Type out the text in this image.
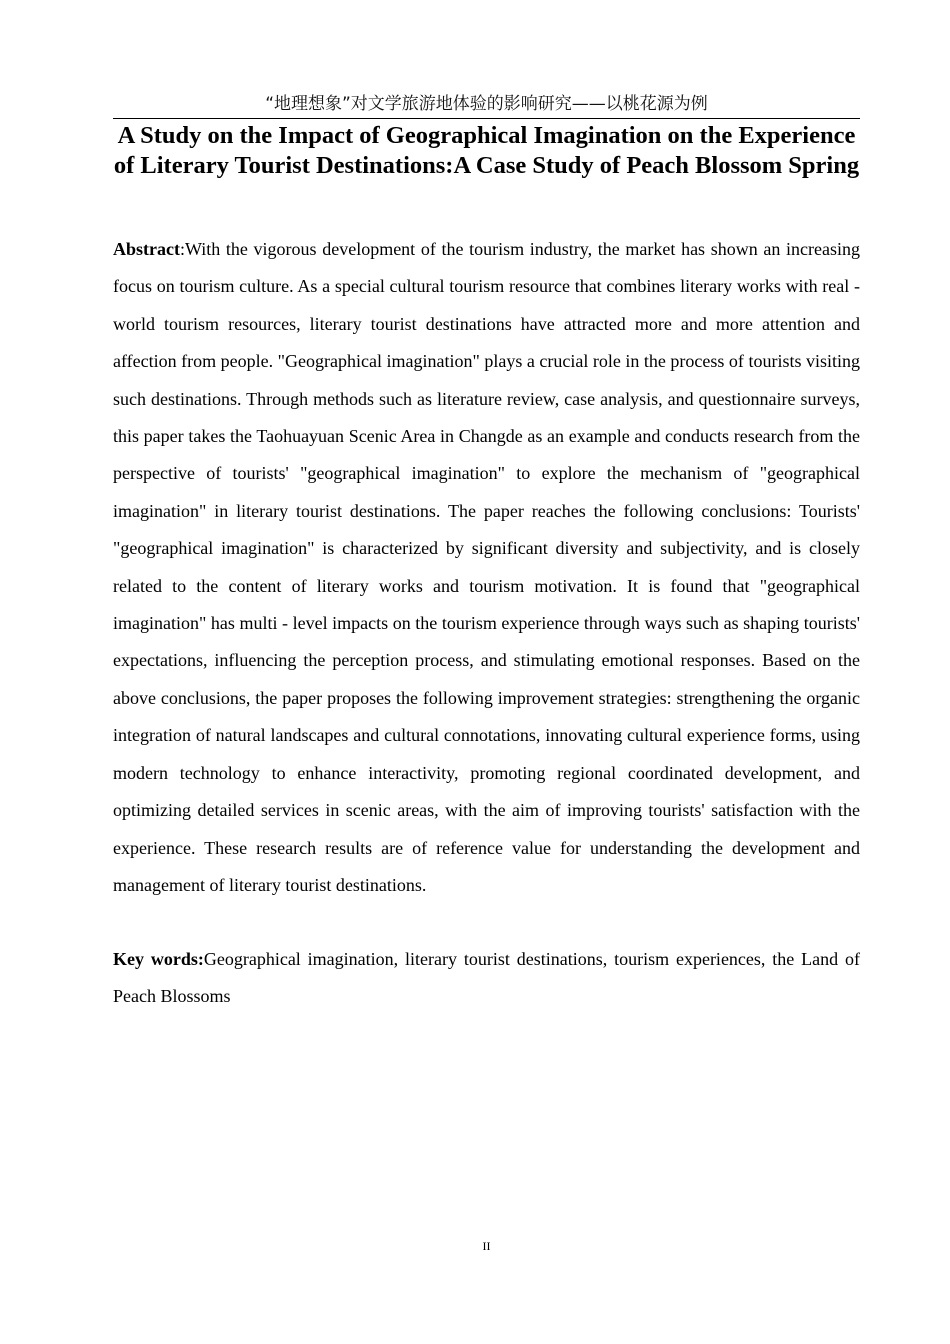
“地理想象”对文学旅游地体验的影响研究——以桃花源为例
A Study on the Impact of Geographical Imagination on the Experience of Literary Tourist Destinations:A Case Study of Peach Blossom Spring

Abstract:With the vigorous development of the tourism industry, the market has shown an increasing focus on tourism culture. As a special cultural tourism resource that combines literary works with real - world tourism resources, literary tourist destinations have attracted more and more attention and affection from people. "Geographical imagination" plays a crucial role in the process of tourists visiting such destinations. Through methods such as literature review, case analysis, and questionnaire surveys, this paper takes the Taohuayuan Scenic Area in Changde as an example and conducts research from the perspective of tourists' "geographical imagination" to explore the mechanism of "geographical imagination" in literary tourist destinations. The paper reaches the following conclusions: Tourists' "geographical imagination" is characterized by significant diversity and subjectivity, and is closely related to the content of literary works and tourism motivation. It is found that "geographical imagination" has multi - level impacts on the tourism experience through ways such as shaping tourists' expectations, influencing the perception process, and stimulating emotional responses. Based on the above conclusions, the paper proposes the following improvement strategies: strengthening the organic integration of natural landscapes and cultural connotations, innovating cultural experience forms, using modern technology to enhance interactivity, promoting regional coordinated development, and optimizing detailed services in scenic areas, with the aim of improving tourists' satisfaction with the experience. These research results are of reference value for understanding the development and management of literary tourist destinations.

Key words:Geographical imagination, literary tourist destinations, tourism experiences, the Land of Peach Blossoms

II
